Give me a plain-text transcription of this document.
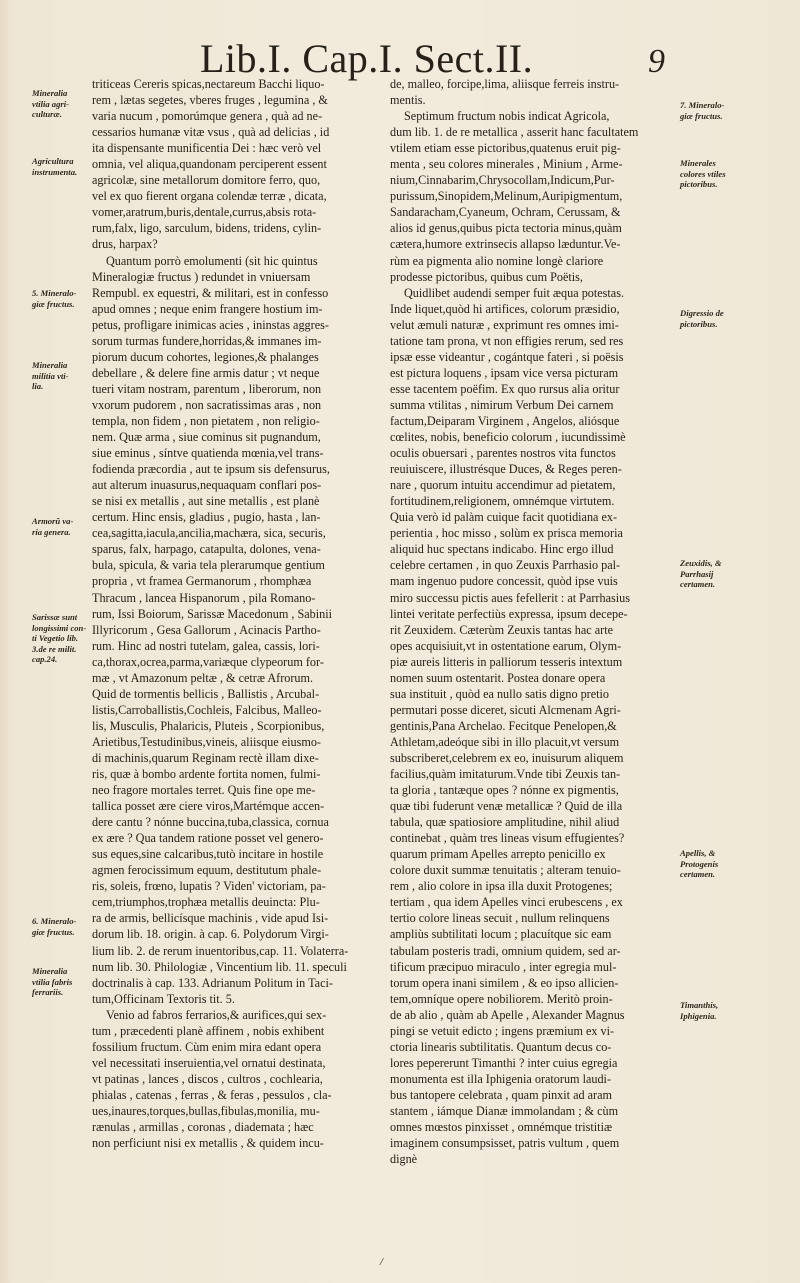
Lib.I. Cap.I. Sect.II.	9
Mineralia
vtilia agri-
culturæ.
Agricultura
instrumenta.
5. Mineralo-
giæ fructus.
Mineralia
militia vti-
lia.
Armorũ va-
ria genera.
Sarissæ sunt
longissimi con-
ti Vegetio lib.
3.de re milit.
cap.24.
6. Mineralo-
giæ fructus.
Mineralia
vtilia fabris
ferrariis.
7. Mineralo-
giæ fructus.
Minerales
colores vtiles
pictoribus.
Digressio de
pictoribus.
Zeuxidis, &
Parrhasij
certamen.
Apellis, &
Protogenis
certamen.
Timanthis,
Iphigenia.
triticeas Cereris spicas,nectareum Bacchi liquo-
rem , lætas segetes, vberes fruges , legumina , &
varia nucum , pomorúmque genera , quà ad ne-
cessarios humanæ vitæ vsus , quà ad delicias , id
ita dispensante munificentia Dei : hæc verò vel
omnia, vel aliqua,quandonam perciperent essent
agricolæ, sine metallorum domitore ferro, quo,
vel ex quo fierent organa colendæ terræ , dicata,
vomer,aratrum,buris,dentale,currus,absis rota-
rum,falx, ligo, sarculum, bidens, tridens, cylin-
drus, harpax?
Quantum porrò emolumenti (sit hic quintus
Mineralogiæ fructus ) redundet in vniuersam
Rempubl. ex equestri, & militari, est in confesso
apud omnes ; neque enim frangere hostium im-
petus, profligare inimicas acies , ininstas aggres-
sorum turmas fundere,horridas,& immanes im-
piorum ducum cohortes, legiones,& phalanges
debellare , & delere fine armis datur ; vt neque
tueri vitam nostram, parentum , liberorum, non
vxorum pudorem , non sacratissimas aras , non
templa, non fidem , non pietatem , non religio-
nem. Quæ arma , siue cominus sit pugnandum,
siue eminus , síntve quatienda mœnia,vel trans-
fodienda præcordia , aut te ipsum sis defensurus,
aut alterum inuasurus,nequaquam conflari pos-
se nisi ex metallis , aut sine metallis , est planè
certum. Hinc ensis, gladius , pugio, hasta , lan-
cea,sagitta,iacula,ancilia,machæra, sica, securis,
sparus, falx, harpago, catapulta, dolones, vena-
bula, spicula, & varia tela plerarumque gentium
propria , vt framea Germanorum , rhomphæa
Thracum , lancea Hispanorum , pila Romano-
rum, Issi Boiorum, Sarissæ Macedonum , Sabinii
Illyricorum , Gesa Gallorum , Acinacis Partho-
rum. Hinc ad nostri tutelam, galea, cassis, lori-
ca,thorax,ocrea,parma,variæque clypeorum for-
mæ , vt Amazonum peltæ , & cetræ Afrorum.
Quid de tormentis bellicis , Ballistis , Arcubal-
listis,Carroballistis,Cochleis, Falcibus, Malleo-
lis, Musculis, Phalaricis, Pluteis , Scorpionibus,
Arietibus,Testudinibus,vineis, aliisque eiusmo-
di machinis,quarum Reginam rectè illam dixe-
ris, quæ à bombo ardente fortita nomen, fulmi-
neo fragore mortales terret. Quis fine ope me-
tallica posset ære ciere viros,Martémque accen-
dere cantu ? nónne buccina,tuba,classica, cornua
ex ære ? Qua tandem ratione posset vel genero-
sus eques,sine calcaribus,tutò incitare in hostile
agmen ferocissimum equum, destitutum phale-
ris, soleis, frœno, lupatis ? Viden' victoriam, pa-
cem,triumphos,trophæa metallis deuincta: Plu-
ra de armis, bellicísque machinis , vide apud Isi-
dorum lib. 18. origin. à cap. 6. Polydorum Virgi-
lium lib. 2. de rerum inuentoribus,cap. 11. Volaterra-
num lib. 30. Philologiæ , Vincentium lib. 11. speculi
doctrinalis à cap. 133. Adrianum Politum in Taci-
tum,Officinam Textoris tit. 5.
Venio ad fabros ferrarios,& aurifices,qui sex-
tum , præcedenti planè affinem , nobis exhibent
fossilium fructum. Cùm enim mira edant opera
vel necessitati inseruientia,vel ornatui destinata,
vt patinas , lances , discos , cultros , cochlearia,
phialas , catenas , ferras , & feras , pessulos , cla-
ues,inaures,torques,bullas,fibulas,monilia, mu-
rænulas , armillas , coronas , diademata ; hæc
non perficiunt nisi ex metallis , & quidem incu-
de, malleo, forcipe,lima, aliisque ferreis instru-
mentis.
Septimum fructum nobis indicat Agricola,
dum lib. 1. de re metallica , asserit hanc facultatem
vtilem etiam esse pictoribus,quatenus eruit pig-
menta , seu colores minerales , Minium , Arme-
nium,Cinnabarim,Chrysocollam,Indicum,Pur-
purissum,Sinopidem,Melinum,Auripigmentum,
Sandaracham,Cyaneum, Ochram, Cerussam, &
alios id genus,quibus picta tectoria minus,quàm
cætera,humore extrinsecis allapso læduntur.Ve-
rùm ea pigmenta alio nomine longè clariore
prodesse pictoribus, quibus cum Poëtis,
Quidlibet audendi semper fuit æqua potestas.
Inde liquet,quòd hi artifices, colorum præsidio,
velut æmuli naturæ , exprimunt res omnes imi-
tatione tam prona, vt non effigies rerum, sed res
ipsæ esse videantur , cogántque fateri , si poësis
est pictura loquens , ipsam vice versa picturam
esse tacentem poëfim. Ex quo rursus alia oritur
summa vtilitas , nimirum Verbum Dei carnem
factum,Deiparam Virginem , Angelos, aliósque
cœlites, nobis, beneficio colorum , iucundissimè
oculis obuersari , parentes nostros vita functos
reuiuiscere, illustrésque Duces, & Reges peren-
nare , quorum intuitu accendimur ad pietatem,
fortitudinem,religionem, omnémque virtutem.
Quia verò id palàm cuique facit quotidiana ex-
perientia , hoc misso , solùm ex prisca memoria
aliquid huc spectans indicabo. Hinc ergo illud
celebre certamen , in quo Zeuxis Parrhasio pal-
mam ingenuo pudore concessit, quòd ipse vuis
miro successu pictis aues fefellerit : at Parrhasius
lintei veritate perfectiùs expressa, ipsum decepe-
rit Zeuxidem. Cæterùm Zeuxis tantas hac arte
opes acquisiuit,vt in ostentatione earum, Olym-
piæ aureis litteris in palliorum tesseris intextum
nomen suum ostentarit. Postea donare opera
sua instituit , quòd ea nullo satis digno pretio
permutari posse diceret, sicuti Alcmenam Agri-
gentinis,Pana Archelao. Fecitque Penelopen,&
Athletam,adeóque sibi in illo placuit,vt versum
subscriberet,celebrem ex eo, inuisurum aliquem
facilius,quàm imitaturum.Vnde tibi Zeuxis tan-
ta gloria , tantæque opes ? nónne ex pigmentis,
quæ tibi fuderunt venæ metallicæ ? Quid de illa
tabula, quæ spatiosiore amplitudine, nihil aliud
continebat , quàm tres lineas visum effugientes?
quarum primam Apelles arrepto penicillo ex
colore duxit summæ tenuitatis ; alteram tenuio-
rem , alio colore in ipsa illa duxit Protogenes;
tertiam , qua idem Apelles vinci erubescens , ex
tertio colore lineas secuit , nullum relinquens
ampliùs subtilitati locum ; placuítque sic eam
tabulam posteris tradi, omnium quidem, sed ar-
tificum præcipuo miraculo , inter egregia mul-
torum opera inani similem , & eo ipso allicien-
tem,omníque opere nobiliorem. Meritò proin-
de ab alio , quàm ab Apelle , Alexander Magnus
pingi se vetuit edicto ; ingens præmium ex vi-
ctoria linearis subtilitatis. Quantum decus co-
lores pepererunt Timanthi ? inter cuius egregia
monumenta est illa Iphigenia oratorum laudi-
bus tantopere celebrata , quam pinxit ad aram
stantem , iámque Dianæ immolandam ; & cùm
omnes mœstos pinxisset , omnémque tristitiæ
imaginem consumpsisset, patris vultum , quem
dignè
/
